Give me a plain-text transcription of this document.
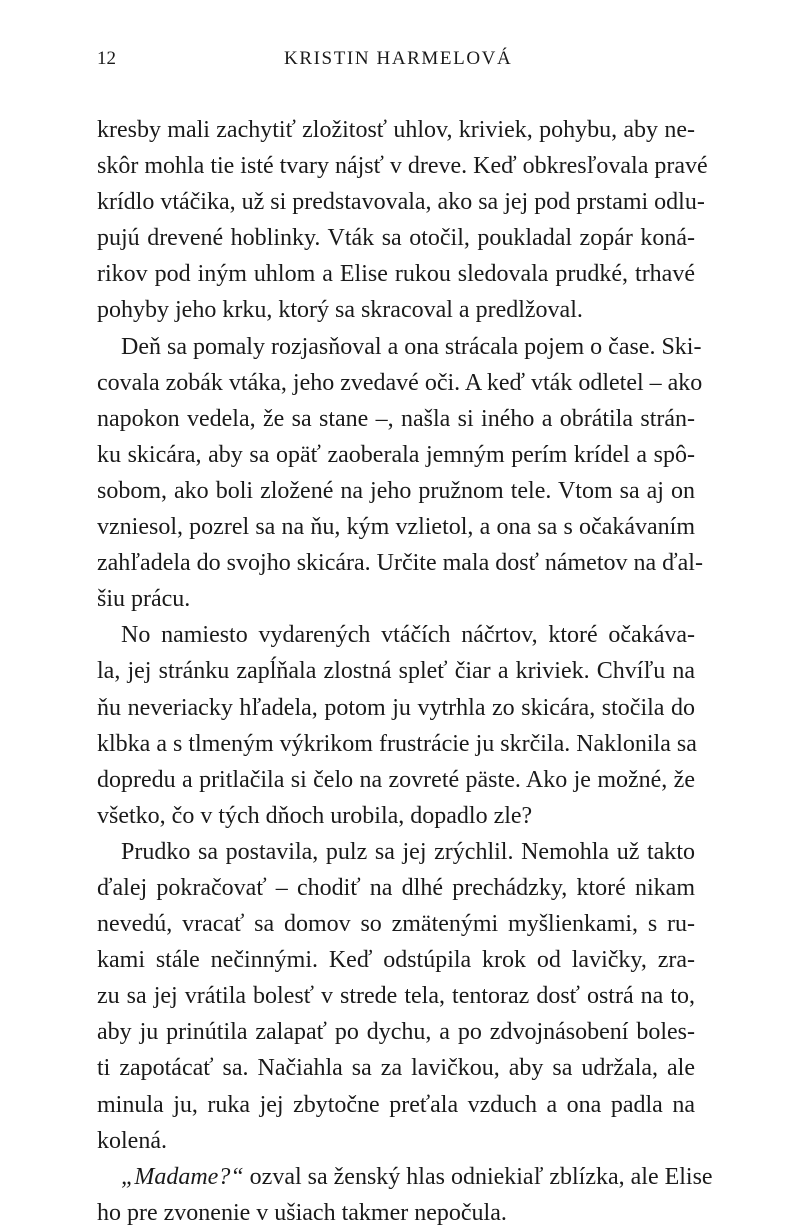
12	KRISTIN HARMELOVÁ
kresby mali zachytiť zložitosť uhlov, kriviek, pohybu, aby ne-
skôr mohla tie isté tvary nájsť v dreve. Keď obkresľovala pravé
krídlo vtáčika, už si predstavovala, ako sa jej pod prstami odlu-
pujú drevené hoblinky. Vták sa otočil, poukladal zopár koná-
rikov pod iným uhlom a Elise rukou sledovala prudké, trhavé
pohyby jeho krku, ktorý sa skracoval a predlžoval.
Deň sa pomaly rozjasňoval a ona strácala pojem o čase. Ski-
covala zobák vtáka, jeho zvedavé oči. A keď vták odletel – ako
napokon vedela, že sa stane –, našla si iného a obrátila strán-
ku skicára, aby sa opäť zaoberala jemným perím krídel a spô-
sobom, ako boli zložené na jeho pružnom tele. Vtom sa aj on
vzniesol, pozrel sa na ňu, kým vzlietol, a ona sa s očakávaním
zahľadela do svojho skicára. Určite mala dosť námetov na ďal-
šiu prácu.
No namiesto vydarených vtáčích náčrtov, ktoré očakáva-
la, jej stránku zapĺňala zlostná spleť čiar a kriviek. Chvíľu na
ňu neveriacky hľadela, potom ju vytrhla zo skicára, stočila do
klbka a s tlmeným výkrikom frustrácie ju skrčila. Naklonila sa
dopredu a pritlačila si čelo na zovreté päste. Ako je možné, že
všetko, čo v tých dňoch urobila, dopadlo zle?
Prudko sa postavila, pulz sa jej zrýchlil. Nemohla už takto
ďalej pokračovať – chodiť na dlhé prechádzky, ktoré nikam
nevedú, vracať sa domov so zmätenými myšlienkami, s ru-
kami stále nečinnými. Keď odstúpila krok od lavičky, zra-
zu sa jej vrátila bolesť v strede tela, tentoraz dosť ostrá na to,
aby ju prinútila zalapať po dychu, a po zdvojnásobení boles-
ti zapotácať sa. Načiahla sa za lavičkou, aby sa udržala, ale
minula ju, ruka jej zbytočne preťala vzduch a ona padla na
kolená.
„Madame?“ ozval sa ženský hlas odniekiaľ zblízka, ale Elise
ho pre zvonenie v ušiach takmer nepočula.
